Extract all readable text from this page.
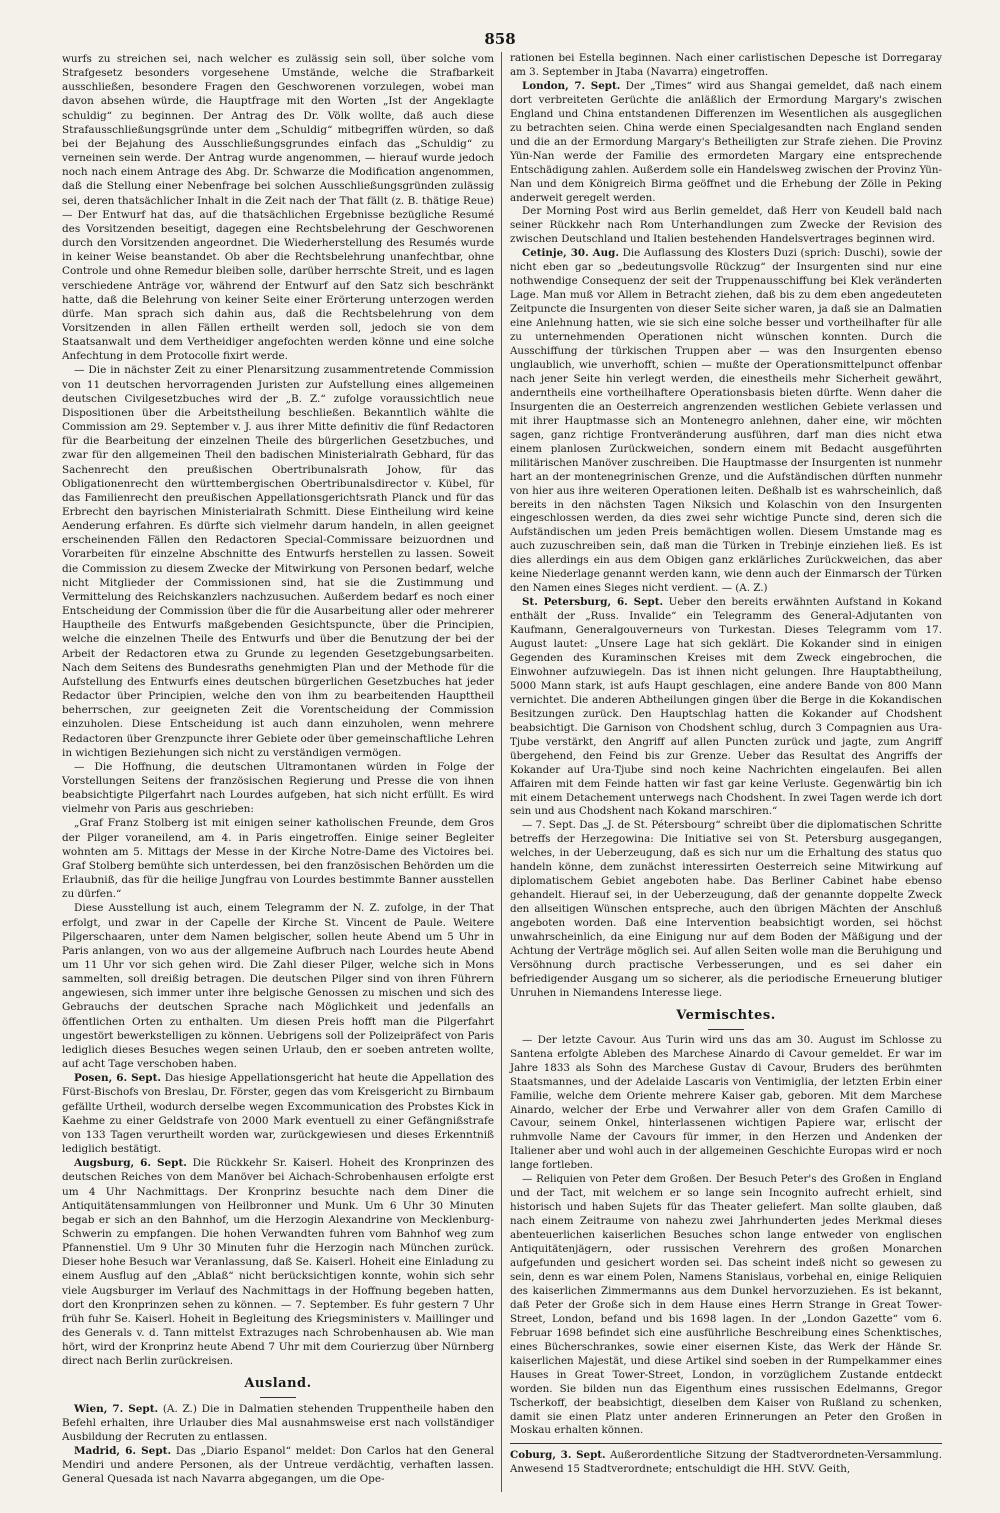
858

wurfs zu streichen sei, nach welcher es zulässig sein soll, über solche vom Strafgesetz besonders vorgesehene Umstände, welche die Strafbarkeit ausschließen, besondere Fragen den Geschworenen vorzulegen, wobei man davon absehen würde, die Hauptfrage mit den Worten „Ist der Angeklagte schuldig“ zu beginnen. Der Antrag des Dr. Völk wollte, daß auch diese Strafausschließungsgründe unter dem „Schuldig“ mitbegriffen würden, so daß bei der Bejahung des Ausschließungsgrundes einfach das „Schuldig“ zu verneinen sein werde. Der Antrag wurde angenommen, — hierauf wurde jedoch noch nach einem Antrage des Abg. Dr. Schwarze die Modification angenommen, daß die Stellung einer Nebenfrage bei solchen Ausschließungsgründen zulässig sei, deren thatsächlicher Inhalt in die Zeit nach der That fällt (z. B. thätige Reue) — Der Entwurf hat das, auf die thatsächlichen Ergebnisse bezügliche Resumé des Vorsitzenden beseitigt, dagegen eine Rechtsbelehrung der Geschworenen durch den Vorsitzenden angeordnet. Die Wiederherstellung des Resumés wurde in keiner Weise beanstandet. Ob aber die Rechtsbelehrung unanfechtbar, ohne Controle und ohne Remedur bleiben solle, darüber herrschte Streit, und es lagen verschiedene Anträge vor, während der Entwurf auf den Satz sich beschränkt hatte, daß die Belehrung von keiner Seite einer Erörterung unterzogen werden dürfe. Man sprach sich dahin aus, daß die Rechtsbelehrung von dem Vorsitzenden in allen Fällen ertheilt werden soll, jedoch sie von dem Staatsanwalt und dem Vertheidiger angefochten werden könne und eine solche Anfechtung in dem Protocolle fixirt werde.

— Die in nächster Zeit zu einer Plenarsitzung zusammentretende Commission von 11 deutschen hervorragenden Juristen zur Aufstellung eines allgemeinen deutschen Civilgesetzbuches wird der „B. Z.“ zufolge voraussichtlich neue Dispositionen über die Arbeitstheilung beschließen. Bekanntlich wählte die Commission am 29. September v. J. aus ihrer Mitte definitiv die fünf Redactoren für die Bearbeitung der einzelnen Theile des bürgerlichen Gesetzbuches, und zwar für den allgemeinen Theil den badischen Ministerialrath Gebhard, für das Sachenrecht den preußischen Obertribunalsrath Johow, für das Obligationenrecht den württembergischen Obertribunalsdirector v. Kübel, für das Familienrecht den preußischen Appellationsgerichtsrath Planck und für das Erbrecht den bayrischen Ministerialrath Schmitt. Diese Eintheilung wird keine Aenderung erfahren. Es dürfte sich vielmehr darum handeln, in allen geeignet erscheinenden Fällen den Redactoren Special-Commissare beizuordnen und Vorarbeiten für einzelne Abschnitte des Entwurfs herstellen zu lassen. Soweit die Commission zu diesem Zwecke der Mitwirkung von Personen bedarf, welche nicht Mitglieder der Commissionen sind, hat sie die Zustimmung und Vermittelung des Reichskanzlers nachzusuchen. Außerdem bedarf es noch einer Entscheidung der Commission über die für die Ausarbeitung aller oder mehrerer Hauptheile des Entwurfs maßgebenden Gesichtspuncte, über die Principien, welche die einzelnen Theile des Entwurfs und über die Benutzung der bei der Arbeit der Redactoren etwa zu Grunde zu legenden Gesetzgebungsarbeiten. Nach dem Seitens des Bundesraths genehmigten Plan und der Methode für die Aufstellung des Entwurfs eines deutschen bürgerlichen Gesetzbuches hat jeder Redactor über Principien, welche den von ihm zu bearbeitenden Haupttheil beherrschen, zur geeigneten Zeit die Vorentscheidung der Commission einzuholen. Diese Entscheidung ist auch dann einzuholen, wenn mehrere Redactoren über Grenzpuncte ihrer Gebiete oder über gemeinschaftliche Lehren in wichtigen Beziehungen sich nicht zu verständigen vermögen.

— Die Hoffnung, die deutschen Ultramontanen würden in Folge der Vorstellungen Seitens der französischen Regierung und Presse die von ihnen beabsichtigte Pilgerfahrt nach Lourdes aufgeben, hat sich nicht erfüllt. Es wird vielmehr von Paris aus geschrieben:

„Graf Franz Stolberg ist mit einigen seiner katholischen Freunde, dem Gros der Pilger voraneilend, am 4. in Paris eingetroffen. Einige seiner Begleiter wohnten am 5. Mittags der Messe in der Kirche Notre-Dame des Victoires bei. Graf Stolberg bemühte sich unterdessen, bei den französischen Behörden um die Erlaubniß, das für die heilige Jungfrau von Lourdes bestimmte Banner ausstellen zu dürfen.“

Diese Ausstellung ist auch, einem Telegramm der N. Z. zufolge, in der That erfolgt, und zwar in der Capelle der Kirche St. Vincent de Paule. Weitere Pilgerschaaren, unter dem Namen belgischer, sollen heute Abend um 5 Uhr in Paris anlangen, von wo aus der allgemeine Aufbruch nach Lourdes heute Abend um 11 Uhr vor sich gehen wird. Die Zahl dieser Pilger, welche sich in Mons sammelten, soll dreißig betragen. Die deutschen Pilger sind von ihren Führern angewiesen, sich immer unter ihre belgische Genossen zu mischen und sich des Gebrauchs der deutschen Sprache nach Möglichkeit und jedenfalls an öffentlichen Orten zu enthalten. Um diesen Preis hofft man die Pilgerfahrt ungestört bewerkstelligen zu können. Uebrigens soll der Polizeipräfect von Paris lediglich dieses Besuches wegen seinen Urlaub, den er soeben antreten wollte, auf acht Tage verschoben haben.

Posen, 6. Sept. Das hiesige Appellationsgericht hat heute die Appellation des Fürst-Bischofs von Breslau, Dr. Förster, gegen das vom Kreisgericht zu Birnbaum gefällte Urtheil, wodurch derselbe wegen Excommunication des Probstes Kick in Kaehme zu einer Geldstrafe von 2000 Mark eventuell zu einer Gefängnißstrafe von 133 Tagen verurtheilt worden war, zurückgewiesen und dieses Erkenntniß lediglich bestätigt.

Augsburg, 6. Sept. Die Rückkehr Sr. Kaiserl. Hoheit des Kronprinzen des deutschen Reiches von dem Manöver bei Aichach-Schrobenhausen erfolgte erst um 4 Uhr Nachmittags. Der Kronprinz besuchte nach dem Diner die Antiquitätensammlungen von Heilbronner und Munk. Um 6 Uhr 30 Minuten begab er sich an den Bahnhof, um die Herzogin Alexandrine von Mecklenburg-Schwerin zu empfangen. Die hohen Verwandten fuhren vom Bahnhof weg zum Pfannenstiel. Um 9 Uhr 30 Minuten fuhr die Herzogin nach München zurück. Dieser hohe Besuch war Veranlassung, daß Se. Kaiserl. Hoheit eine Einladung zu einem Ausflug auf den „Ablaß“ nicht berücksichtigen konnte, wohin sich sehr viele Augsburger im Verlauf des Nachmittags in der Hoffnung begeben hatten, dort den Kronprinzen sehen zu können. — 7. September. Es fuhr gestern 7 Uhr früh fuhr Se. Kaiserl. Hoheit in Begleitung des Kriegsministers v. Maillinger und des Generals v. d. Tann mittelst Extrazuges nach Schrobenhausen ab. Wie man hört, wird der Kronprinz heute Abend 7 Uhr mit dem Courierzug über Nürnberg direct nach Berlin zurückreisen.

Ausland.

Wien, 7. Sept. (A. Z.) Die in Dalmatien stehenden Truppentheile haben den Befehl erhalten, ihre Urlauber dies Mal ausnahmsweise erst nach vollständiger Ausbildung der Recruten zu entlassen.

Madrid, 6. Sept. Das „Diario Espanol“ meldet: Don Carlos hat den General Mendiri und andere Personen, als der Untreue verdächtig, verhaften lassen. General Quesada ist nach Navarra abgegangen, um die Ope-

rationen bei Estella beginnen. Nach einer carlistischen Depesche ist Dorregaray am 3. September in Jtaba (Navarra) eingetroffen.

London, 7. Sept. Der „Times“ wird aus Shangai gemeldet, daß nach einem dort verbreiteten Gerüchte die anläßlich der Ermordung Margary's zwischen England und China entstandenen Differenzen im Wesentlichen als ausgeglichen zu betrachten seien. China werde einen Specialgesandten nach England senden und die an der Ermordung Margary's Betheiligten zur Strafe ziehen. Die Provinz Yün-Nan werde der Familie des ermordeten Margary eine entsprechende Entschädigung zahlen. Außerdem solle ein Handelsweg zwischen der Provinz Yün-Nan und dem Königreich Birma geöffnet und die Erhebung der Zölle in Peking anderweit geregelt werden.

Der Morning Post wird aus Berlin gemeldet, daß Herr von Keudell bald nach seiner Rückkehr nach Rom Unterhandlungen zum Zwecke der Revision des zwischen Deutschland und Italien bestehenden Handelsvertrages beginnen wird.

Cetinje, 30. Aug. Die Auflassung des Klosters Duzi (sprich: Duschi), sowie der nicht eben gar so „bedeutungsvolle Rückzug“ der Insurgenten sind nur eine nothwendige Consequenz der seit der Truppenausschiffung bei Klek veränderten Lage. Man muß vor Allem in Betracht ziehen, daß bis zu dem eben angedeuteten Zeitpuncte die Insurgenten von dieser Seite sicher waren, ja daß sie an Dalmatien eine Anlehnung hatten, wie sie sich eine solche besser und vortheilhafter für alle zu unternehmenden Operationen nicht wünschen konnten. Durch die Ausschiffung der türkischen Truppen aber — was den Insurgenten ebenso unglaublich, wie unverhofft, schien — mußte der Operationsmittelpunct offenbar nach jener Seite hin verlegt werden, die einestheils mehr Sicherheit gewährt, anderntheils eine vortheilhaftere Operationsbasis bieten dürfte. Wenn daher die Insurgenten die an Oesterreich angrenzenden westlichen Gebiete verlassen und mit ihrer Hauptmasse sich an Montenegro anlehnen, daher eine, wir möchten sagen, ganz richtige Frontveränderung ausführen, darf man dies nicht etwa einem planlosen Zurückweichen, sondern einem mit Bedacht ausgeführten militärischen Manöver zuschreiben. Die Hauptmasse der Insurgenten ist nunmehr hart an der montenegrinischen Grenze, und die Aufständischen dürften nunmehr von hier aus ihre weiteren Operationen leiten. Deßhalb ist es wahrscheinlich, daß bereits in den nächsten Tagen Niksich und Kolaschin von den Insurgenten eingeschlossen werden, da dies zwei sehr wichtige Puncte sind, deren sich die Aufständischen um jeden Preis bemächtigen wollen. Diesem Umstande mag es auch zuzuschreiben sein, daß man die Türken in Trebinje einziehen ließ. Es ist dies allerdings ein aus dem Obigen ganz erklärliches Zurückweichen, das aber keine Niederlage genannt werden kann, wie denn auch der Einmarsch der Türken den Namen eines Sieges nicht verdient. — (A. Z.)

St. Petersburg, 6. Sept. Ueber den bereits erwähnten Aufstand in Kokand enthält der „Russ. Invalide“ ein Telegramm des General-Adjutanten von Kaufmann, Generalgouverneurs von Turkestan. Dieses Telegramm vom 17. August lautet: „Unsere Lage hat sich geklärt. Die Kokander sind in einigen Gegenden des Kuraminschen Kreises mit dem Zweck eingebrochen, die Einwohner aufzuwiegeln. Das ist ihnen nicht gelungen. Ihre Hauptabtheilung, 5000 Mann stark, ist aufs Haupt geschlagen, eine andere Bande von 800 Mann vernichtet. Die anderen Abtheilungen gingen über die Berge in die Kokandischen Besitzungen zurück. Den Hauptschlag hatten die Kokander auf Chodshent beabsichtigt. Die Garnison von Chodshent schlug, durch 3 Compagnien aus Ura-Tjube verstärkt, den Angriff auf allen Puncten zurück und jagte, zum Angriff übergehend, den Feind bis zur Grenze. Ueber das Resultat des Angriffs der Kokander auf Ura-Tjube sind noch keine Nachrichten eingelaufen. Bei allen Affairen mit dem Feinde hatten wir fast gar keine Verluste. Gegenwärtig bin ich mit einem Detachement unterwegs nach Chodshent. In zwei Tagen werde ich dort sein und aus Chodshent nach Kokand marschiren.“

— 7. Sept. Das „J. de St. Pétersbourg“ schreibt über die diplomatischen Schritte betreffs der Herzegowina: Die Initiative sei von St. Petersburg ausgegangen, welches, in der Ueberzeugung, daß es sich nur um die Erhaltung des status quo handeln könne, dem zunächst interessirten Oesterreich seine Mitwirkung auf diplomatischem Gebiet angeboten habe. Das Berliner Cabinet habe ebenso gehandelt. Hierauf sei, in der Ueberzeugung, daß der genannte doppelte Zweck den allseitigen Wünschen entspreche, auch den übrigen Mächten der Anschluß angeboten worden. Daß eine Intervention beabsichtigt worden, sei höchst unwahrscheinlich, da eine Einigung nur auf dem Boden der Mäßigung und der Achtung der Verträge möglich sei. Auf allen Seiten wolle man die Beruhigung und Versöhnung durch practische Verbesserungen, und es sei daher ein befriedigender Ausgang um so sicherer, als die periodische Erneuerung blutiger Unruhen in Niemandens Interesse liege.

Vermischtes.

— Der letzte Cavour. Aus Turin wird uns das am 30. August im Schlosse zu Santena erfolgte Ableben des Marchese Ainardo di Cavour gemeldet. Er war im Jahre 1833 als Sohn des Marchese Gustav di Cavour, Bruders des berühmten Staatsmannes, und der Adelaide Lascaris von Ventimiglia, der letzten Erbin einer Familie, welche dem Oriente mehrere Kaiser gab, geboren. Mit dem Marchese Ainardo, welcher der Erbe und Verwahrer aller von dem Grafen Camillo di Cavour, seinem Onkel, hinterlassenen wichtigen Papiere war, erlischt der ruhmvolle Name der Cavours für immer, in den Herzen und Andenken der Italiener aber und wohl auch in der allgemeinen Geschichte Europas wird er noch lange fortleben.

— Reliquien von Peter dem Großen. Der Besuch Peter's des Großen in England und der Tact, mit welchem er so lange sein Incognito aufrecht erhielt, sind historisch und haben Sujets für das Theater geliefert. Man sollte glauben, daß nach einem Zeitraume von nahezu zwei Jahrhunderten jedes Merkmal dieses abenteuerlichen kaiserlichen Besuches schon lange entweder von englischen Antiquitätenjägern, oder russischen Verehrern des großen Monarchen aufgefunden und gesichert worden sei. Das scheint indeß nicht so gewesen zu sein, denn es war einem Polen, Namens Stanislaus, vorbehal en, einige Reliquien des kaiserlichen Zimmermanns aus dem Dunkel hervorzuziehen. Es ist bekannt, daß Peter der Große sich in dem Hause eines Herrn Strange in Great Tower-Street, London, befand und bis 1698 lagen. In der „London Gazette“ vom 6. Februar 1698 befindet sich eine ausführliche Beschreibung eines Schenktisches, eines Bücherschrankes, sowie einer eisernen Kiste, das Werk der Hände Sr. kaiserlichen Majestät, und diese Artikel sind soeben in der Rumpelkammer eines Hauses in Great Tower-Street, London, in vorzüglichem Zustande entdeckt worden. Sie bilden nun das Eigenthum eines russischen Edelmanns, Gregor Tscherkoff, der beabsichtigt, dieselben dem Kaiser von Rußland zu schenken, damit sie einen Platz unter anderen Erinnerungen an Peter den Großen in Moskau erhalten können.

Coburg, 3. Sept. Außerordentliche Sitzung der Stadtverordneten-Versammlung. Anwesend 15 Stadtverordnete; entschuldigt die HH. StVV. Geith,
